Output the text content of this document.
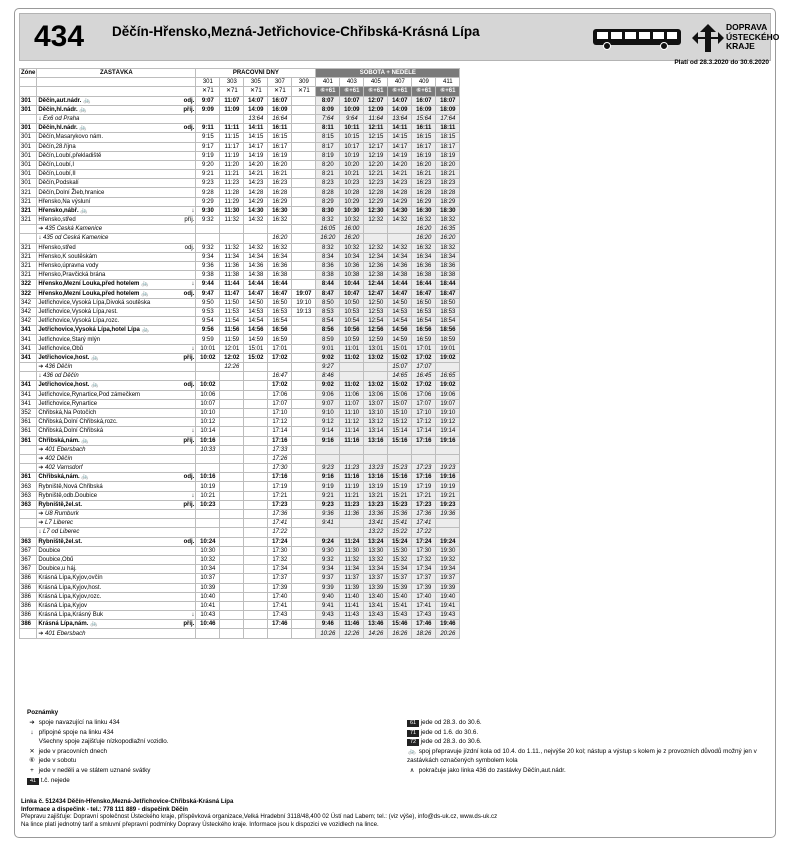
434 Děčín-Hřensko,Mezná-Jetřichovice-Chřibská-Krásná Lípa	DOPRAVA ÚSTECKÉHO KRAJE
Platí od 28.3.2020 do 30.6.2020
Zóne	ZASTÁVKA	PRACOVNÍ DNY					SOBOTA + NEDĚLE					
		301	303	305	307	309	401	403	405	407	409	411
		✕71	✕71	✕71	✕71	✕71	⑥+61	⑥+61	⑥+61	⑥+61	⑥+61	⑥+61
301	Děčín,aut.nádr. 🚲 odj.	9:07	11:07	14:07	16:07		8:07	10:07	12:07	14:07	16:07	18:07
301	Děčín,hl.nádr. 🚲 příj.	9:09	11:09	14:09	16:09		8:09	10:09	12:09	14:09	16:09	18:09
	↓ Ex6 od Praha			13:64	16:64		7:64	9:64	11:64	13:64	15:64	17:64
301	Děčín,hl.nádr. 🚲 odj.	9:11	11:11	14:11	16:11		8:11	10:11	12:11	14:11	16:11	18:11
301	Děčín,Masarykovo nám.	9:15	11:15	14:15	16:15		8:15	10:15	12:15	14:15	16:15	18:15
301	Děčín,28.října	9:17	11:17	14:17	16:17		8:17	10:17	12:17	14:17	16:17	18:17
301	Děčín,Loubí,překladiště	9:19	11:19	14:19	16:19		8:19	10:19	12:19	14:19	16:19	18:19
301	Děčín,Loubí,I	9:20	11:20	14:20	16:20		8:20	10:20	12:20	14:20	16:20	18:20
301	Děčín,Loubí,II	9:21	11:21	14:21	16:21		8:21	10:21	12:21	14:21	16:21	18:21
301	Děčín,Podskalí	9:23	11:23	14:23	16:23		8:23	10:23	12:23	14:23	16:23	18:23
321	Děčín,Dolní Žleb,hranice	9:28	11:28	14:28	16:28		8:28	10:28	12:28	14:28	16:28	18:28
321	Hřensko,Na výsluní	9:29	11:29	14:29	16:29		8:29	10:29	12:29	14:29	16:29	18:29
321	Hřensko,nábř. 🚲 ↓	9:30	11:30	14:30	16:30		8:30	10:30	12:30	14:30	16:30	18:30
321	Hřensko,střed příj.	9:32	11:32	14:32	16:32		8:32	10:32	12:32	14:32	16:32	18:32
	➔ 435 Česká Kamenice						16:05	16:00			16:20	16:35
	↓ 435 od Česká Kamenice				16:20		16:20	16:20			16:20	16:20
321	Hřensko,střed odj.	9:32	11:32	14:32	16:32		8:32	10:32	12:32	14:32	16:32	18:32
321	Hřensko,K soutěskám	9:34	11:34	14:34	16:34		8:34	10:34	12:34	14:34	16:34	18:34
321	Hřensko,úpravna vody	9:36	11:36	14:36	16:36		8:36	10:36	12:36	14:36	16:36	18:36
321	Hřensko,Pravčická brána	9:38	11:38	14:38	16:38		8:38	10:38	12:38	14:38	16:38	18:38
322	Hřensko,Mezní Louka,před hotelem 🚲 ↓	9:44	11:44	14:44	16:44		8:44	10:44	12:44	14:44	16:44	18:44
322	Hřensko,Mezní Louka,před hotelem 🚲 odj.	9:47	11:47	14:47	16:47	19:07	8:47	10:47	12:47	14:47	16:47	18:47
342	Jetřichovice,Vysoká Lípa,Divoká soutěska	9:50	11:50	14:50	16:50	19:10	8:50	10:50	12:50	14:50	16:50	18:50
342	Jetřichovice,Vysoká Lípa,rest.	9:53	11:53	14:53	16:53	19:13	8:53	10:53	12:53	14:53	16:53	18:53
342	Jetřichovice,Vysoká Lípa,rozc.	9:54	11:54	14:54	16:54		8:54	10:54	12:54	14:54	16:54	18:54
341	Jetřichovice,Vysoká Lípa,hotel Lípa 🚲	9:56	11:56	14:56	16:56		8:56	10:56	12:56	14:56	16:56	18:56
341	Jetřichovice,Starý mlýn	9:59	11:59	14:59	16:59		8:59	10:59	12:59	14:59	16:59	18:59
341	Jetřichovice,Obů ↓	10:01	12:01	15:01	17:01		9:01	11:01	13:01	15:01	17:01	19:01
341	Jetřichovice,host. 🚲 příj.	10:02	12:02	15:02	17:02		9:02	11:02	13:02	15:02	17:02	19:02
	➔ 436 Děčín		12:26				9:27			15:07	17:07	
	↓ 436 od Děčín				16:47		8:46			14:65	16:45	16:65
341	Jetřichovice,host. 🚲 odj.	10:02			17:02		9:02	11:02	13:02	15:02	17:02	19:02
341	Jetřichovice,Rynartice,Pod zámečkem	10:06			17:06		9:06	11:06	13:06	15:06	17:06	19:06
341	Jetřichovice,Rynartice	10:07			17:07		9:07	11:07	13:07	15:07	17:07	19:07
352	Chřibská,Na Potočích	10:10			17:10		9:10	11:10	13:10	15:10	17:10	19:10
361	Chřibská,Dolní Chřibská,rozc.	10:12			17:12		9:12	11:12	13:12	15:12	17:12	19:12
361	Chřibská,Dolní Chřibská ↓	10:14			17:14		9:14	11:14	13:14	15:14	17:14	19:14
361	Chřibská,nám. 🚲 příj.	10:16			17:16		9:16	11:16	13:16	15:16	17:16	19:16
	➔ 401 Ebersbach	10:33			17:33							
	➔ 402 Děčín				17:26							
	➔ 402 Varnsdorf				17:30		9:23	11:23	13:23	15:23	17:23	19:23
361	Chřibská,nám. 🚲 odj.	10:16			17:16		9:16	11:16	13:16	15:16	17:16	19:16
363	Rybniště,Nová Chřibská	10:19			17:19		9:19	11:19	13:19	15:19	17:19	19:19
363	Rybniště,odb.Doubice ↓	10:21			17:21		9:21	11:21	13:21	15:21	17:21	19:21
363	Rybniště,žel.st. příj.	10:23			17:23		9:23	11:23	13:23	15:23	17:23	19:23
	➔ U8 Rumburk				17:36		9:36	11:36	13:36	15:36	17:36	19:36
	➔ L7 Liberec				17:41		9:41		13:41	15:41	17:41	
	↓ L7 od Liberec				17:22				13:22	15:22	17:22	
363	Rybniště,žel.st. odj.	10:24			17:24		9:24	11:24	13:24	15:24	17:24	19:24
367	Doubice	10:30			17:30		9:30	11:30	13:30	15:30	17:30	19:30
367	Doubice,Obů	10:32			17:32		9:32	11:32	13:32	15:32	17:32	19:32
367	Doubice,u háj.	10:34			17:34		9:34	11:34	13:34	15:34	17:34	19:34
386	Krásná Lípa,Kyjov,ovčín	10:37			17:37		9:37	11:37	13:37	15:37	17:37	19:37
386	Krásná Lípa,Kyjov,host.	10:39			17:39		9:39	11:39	13:39	15:39	17:39	19:39
386	Krásná Lípa,Kyjov,rozc.	10:40			17:40		9:40	11:40	13:40	15:40	17:40	19:40
386	Krásná Lípa,Kyjov	10:41			17:41		9:41	11:41	13:41	15:41	17:41	19:41
386	Krásná Lípa,Krásný Buk ↓	10:43			17:43		9:43	11:43	13:43	15:43	17:43	19:43
386	Krásná Lípa,nám. 🚲 příj.	10:46			17:46		9:46	11:46	13:46	15:46	17:46	19:46
	➔ 401 Ebersbach						10:26	12:26	14:26	16:26	18:26	20:26
Poznámky
➔ spoje navazující na linku 434
↓ připojné spoje na linku 434
Všechny spoje zajišťuje nízkopodlažní vozidlo.
✕ jede v pracovních dnech
⑥ jede v sobotu
+ jede v neděli a ve státem uznané svátky
41 t.č. nejede
61 jede od 28.3. do 30.6.
71 jede od 1.6. do 30.6.
72 jede od 28.3. do 30.6.
🚲 spoj přepravuje jízdní kola od 10.4. do 1.11., nejvýše 20 kol; nástup a výstup s kolem je z provozních důvodů možný jen v zastávkách označených symbolem kola
∧ pokračuje jako linka 436 do zastávky Děčín,aut.nádr.
Linka č. 512434 Děčín-Hřensko,Mezná-Jetřichovice-Chřibská-Krásná Lípa
Informace a dispečink - tel.: 778 111 889 - dispečink Děčín
Přepravu zajišťuje: Dopravní společnost Ústeckého kraje, příspěvková organizace,Velká Hradební 3118/48,400 02 Ústí nad Labem; tel.: (viz výše), info@ds-uk.cz, www.ds-uk.cz
Na lince platí jednotný tarif a smluvní přepravní podmínky Dopravy Ústeckého kraje. Informace jsou k dispozici ve vozidlech na lince.
